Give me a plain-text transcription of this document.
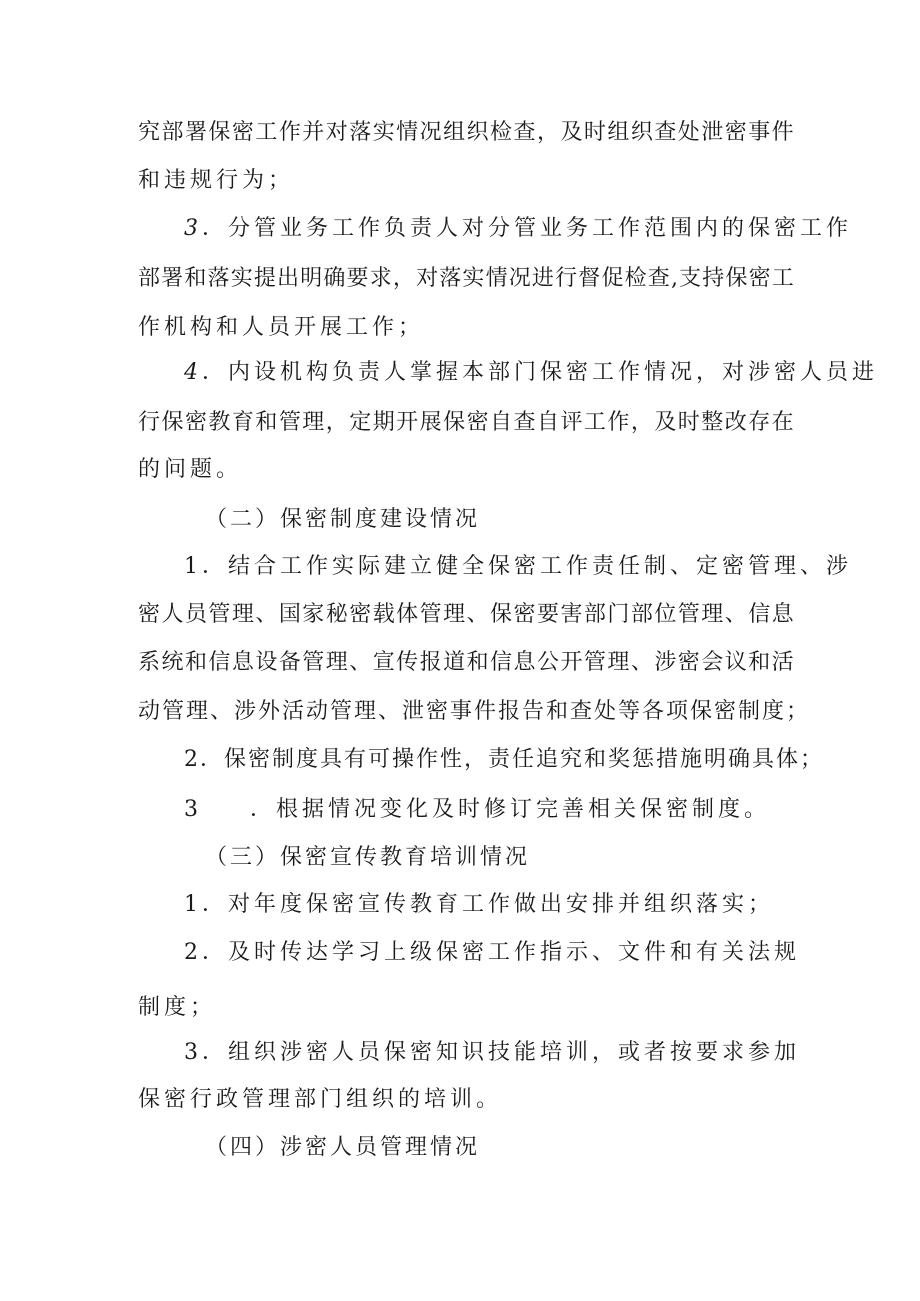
究 部 署 保 密 工 作 并 对 落 实 情 况 组 织 检 查 ， 及 时 组 织 查 处 泄 密 事 件
和违规行为；
3．分管业务工作负责人对分管业务工作范围内的保密工作
部 署 和 落 实 提 出 明 确 要 求 ， 对 落 实 情 况 进 行 督 促 检 查 , 支 持 保 密 工
作机构和人员开展工作；
4．内设机构负责人掌握本部门保密工作情况，对涉密人员进
行 保 密 教 育 和 管 理 ， 定 期 开 展 保 密 自 查 自 评 工 作 ， 及 时 整 改 存 在
的问题。
（二）保密制度建设情况
1．结合工作实际建立健全保密工作责任制、定密管理、涉
密 人 员 管 理 、 国 家 秘 密 载 体 管 理 、 保 密 要 害 部 门 部 位 管 理 、 信 息
系 统 和 信 息 设 备 管 理 、 宣 传 报 道 和 信 息 公 开 管 理 、 涉 密 会 议 和 活
动管理、涉外活动管理、泄密事件报告和查处等各项保密制度；
2．保密制度具有可操作性，责任追究和奖惩措施明确具体；
3 ．根据情况变化及时修订完善相关保密制度。
（三）保密宣传教育培训情况
1．对年度保密宣传教育工作做出安排并组织落实；
2．及时传达学习上级保密工作指示、文件和有关法规
制度；
3．组织涉密人员保密知识技能培训，或者按要求参加
保密行政管理部门组织的培训。
（四）涉密人员管理情况
